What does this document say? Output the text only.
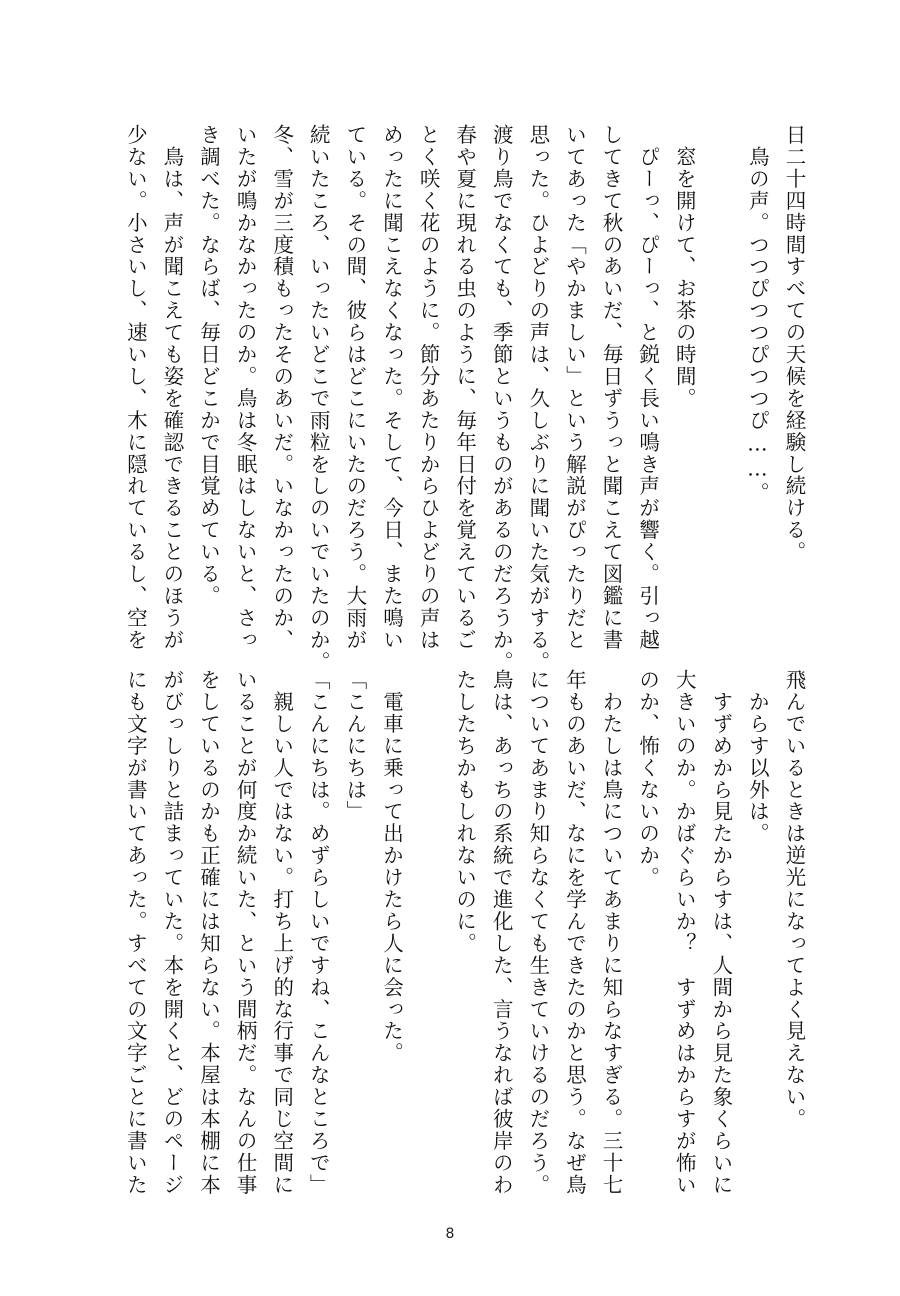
日二十四時間すべての天候を経験し続ける。
　鳥の声。つつぴつつぴつつぴ……。

　窓を開けて、お茶の時間。
　ぴーっ、ぴーっ、と鋭く長い鳴き声が響く。引っ越
してきて秋のあいだ、毎日ずうっと聞こえて図鑑に書
いてあった「やかましい」という解説がぴったりだと
思った。ひよどりの声は、久しぶりに聞いた気がする。
渡り鳥でなくても、季節というものがあるのだろうか。
春や夏に現れる虫のように、毎年日付を覚えているご
とく咲く花のように。節分あたりからひよどりの声は
めったに聞こえなくなった。そして、今日、また鳴い
ている。その間、彼らはどこにいたのだろう。大雨が
続いたころ、いったいどこで雨粒をしのいでいたのか。
冬、雪が三度積もったそのあいだ。いなかったのか、
いたが鳴かなかったのか。鳥は冬眠はしないと、さっ
き調べた。ならば、毎日どこかで目覚めている。
　鳥は、声が聞こえても姿を確認できることのほうが
少ない。小さいし、速いし、木に隠れているし、空を
飛んでいるときは逆光になってよく見えない。
　からす以外は。
　すずめから見たからすは、人間から見た象くらいに
大きいのか。かばぐらいか？　すずめはからすが怖い
のか、怖くないのか。
　わたしは鳥についてあまりに知らなすぎる。三十七
年ものあいだ、なにを学んできたのかと思う。なぜ鳥
についてあまり知らなくても生きていけるのだろう。
鳥は、あっちの系統で進化した、言うなれば彼岸のわ
たしたちかもしれないのに。

　電車に乗って出かけたら人に会った。
「こんにちは」
「こんにちは。めずらしいですね、こんなところで」
　親しい人ではない。打ち上げ的な行事で同じ空間に
いることが何度か続いた、という間柄だ。なんの仕事
をしているのかも正確には知らない。本屋は本棚に本
がびっしりと詰まっていた。本を開くと、どのページ
にも文字が書いてあった。すべての文字ごとに書いた
8
